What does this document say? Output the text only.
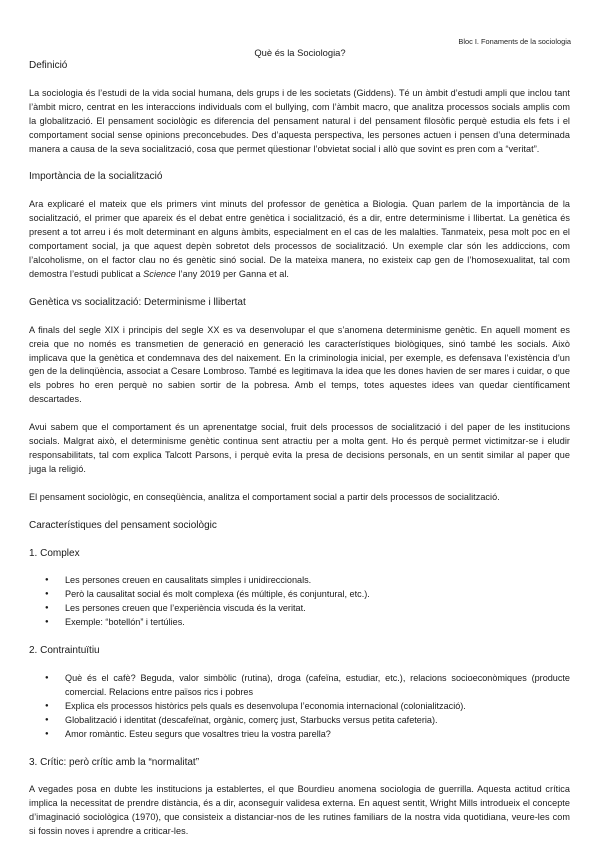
Bloc I. Fonaments de la sociologia
Què és la Sociologia?
Definició

La sociologia és l’estudi de la vida social humana, dels grups i de les societats (Giddens). Té un àmbit d’estudi ampli que inclou tant l’àmbit micro, centrat en les interaccions individuals com el bullying, com l’àmbit macro, que analitza processos socials amplis com la globalització. El pensament sociològic es diferencia del pensament natural i del pensament filosòfic perquè estudia els fets i el comportament social sense opinions preconcebudes. Des d’aquesta perspectiva, les persones actuen i pensen d’una determinada manera a causa de la seva socialització, cosa que permet qüestionar l’obvietat social i allò que sovint es pren com a “veritat”.

Importància de la socialització

Ara explicaré el mateix que els primers vint minuts del professor de genètica a Biologia. Quan parlem de la importància de la socialització, el primer que apareix és el debat entre genètica i socialització, és a dir, entre determinisme i llibertat. La genètica és present a tot arreu i és molt determinant en alguns àmbits, especialment en el cas de les malalties. Tanmateix, pesa molt poc en el comportament social, ja que aquest depèn sobretot dels processos de socialització. Un exemple clar són les addiccions, com l’alcoholisme, on el factor clau no és genètic sinó social. De la mateixa manera, no existeix cap gen de l’homosexualitat, tal com demostra l’estudi publicat a Science l’any 2019 per Ganna et al.

Genètica vs socialització: Determinisme i llibertat

A finals del segle XIX i principis del segle XX es va desenvolupar el que s’anomena determinisme genètic. En aquell moment es creia que no només es transmetien de generació en generació les característiques biològiques, sinó també les socials. Això implicava que la genètica et condemnava des del naixement. En la criminologia inicial, per exemple, es defensava l’existència d’un gen de la delinqüència, associat a Cesare Lombroso. També es legitimava la idea que les dones havien de ser mares i cuidar, o que els pobres ho eren perquè no sabien sortir de la pobresa. Amb el temps, totes aquestes idees van quedar científicament descartades.

Avui sabem que el comportament és un aprenentatge social, fruit dels processos de socialització i del paper de les institucions socials. Malgrat això, el determinisme genètic continua sent atractiu per a molta gent. Ho és perquè permet victimitzar-se i eludir responsabilitats, tal com explica Talcott Parsons, i perquè evita la presa de decisions personals, en un sentit similar al paper que juga la religió.

El pensament sociològic, en conseqüència, analitza el comportament social a partir dels processos de socialització.

Característiques del pensament sociològic
1. Complex
● Les persones creuen en causalitats simples i unidireccionals.
● Però la causalitat social és molt complexa (és múltiple, és conjuntural, etc.).
● Les persones creuen que l’experiència viscuda és la veritat.
● Exemple: “botellón” i tertúlies.
2. Contraintuïtiu
● Què és el cafè? Beguda, valor simbòlic (rutina), droga (cafeïna, estudiar, etc.), relacions socioeconòmiques (producte comercial. Relacions entre països rics i pobres
● Explica els processos històrics pels quals es desenvolupa l’economia internacional (colonialització).
● Globalització i identitat (descafeïnat, orgànic, comerç just, Starbucks versus petita cafeteria).
● Amor romàntic. Esteu segurs que vosaltres trieu la vostra parella?
3. Crític: però crític amb la “normalitat”

A vegades posa en dubte les institucions ja establertes, el que Bourdieu anomena sociologia de guerrilla. Aquesta actitud crítica implica la necessitat de prendre distància, és a dir, aconseguir validesa externa. En aquest sentit, Wright Mills introdueix el concepte d’imaginació sociològica (1970), que consisteix a distanciar-nos de les rutines familiars de la nostra vida quotidiana, veure-les com si fossin noves i aprendre a criticar-les.
